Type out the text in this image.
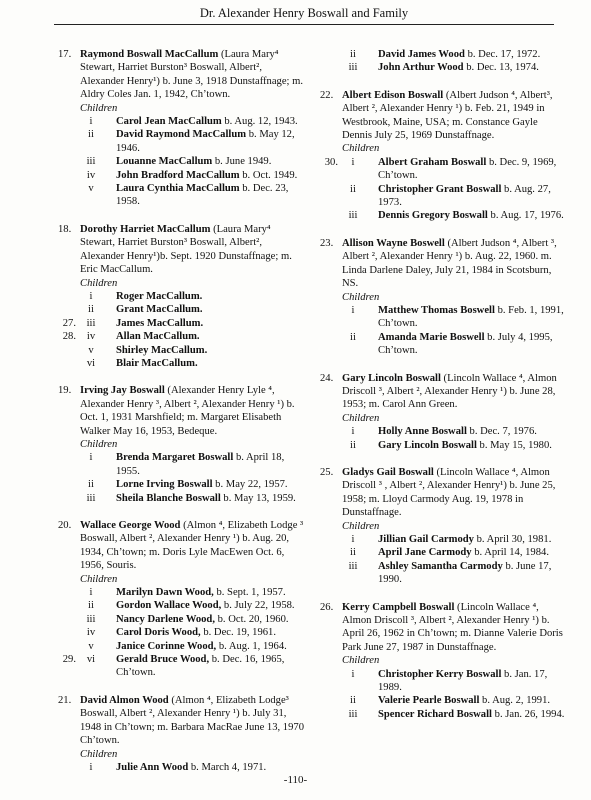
Dr. Alexander Henry Boswall and Family
17. Raymond Boswall MacCallum (Laura Mary⁴ Stewart, Harriet Burston³ Boswall, Albert², Alexander Henry¹) b. June 3, 1918 Dunstaffnage; m. Aldry Coles Jan. 1, 1942, Ch’town.
Children
i	Carol Jean MacCallum b. Aug. 12, 1943.
ii	David Raymond MacCallum b. May 12, 1946.
iii	Louanne MacCallum b. June 1949.
iv	John Bradford MacCallum b. Oct. 1949.
v	Laura Cynthia MacCallum b. Dec. 23, 1958.
18. Dorothy Harriet MacCallum (Laura Mary⁴ Stewart, Harriet Burston³ Boswall, Albert², Alexander Henry¹)b. Sept. 1920 Dunstaffnage; m. Eric MacCallum.
Children
i	Roger MacCallum.
ii	Grant MacCallum.
27. iii	James MacCallum.
28.	iv	Allan MacCallum.
v	Shirley MacCallum.
vi	Blair MacCallum.
19. Irving Jay Boswall (Alexander Henry Lyle ⁴, Alexander Henry ³, Albert ², Alexander Henry ¹) b. Oct. 1, 1931 Marshfield; m. Margaret Elisabeth Walker May 16, 1953, Bedeque.
Children
i	Brenda Margaret Boswall b. April 18, 1955.
ii	Lorne Irving Boswall b. May 22, 1957.
iii	Sheila Blanche Boswall b. May 13, 1959.
20. Wallace George Wood (Almon ⁴, Elizabeth Lodge ³ Boswall, Albert ², Alexander Henry ¹) b. Aug. 20, 1934, Ch’town; m. Doris Lyle MacEwen Oct. 6, 1956, Souris.
Children
i	Marilyn Dawn Wood, b. Sept. 1, 1957.
ii	Gordon Wallace Wood, b. July 22, 1958.
iii	Nancy Darlene Wood, b. Oct. 20, 1960.
iv	Carol Doris Wood, b. Dec. 19, 1961.
v	Janice Corinne Wood, b. Aug. 1, 1964.
29.	vi	Gerald Bruce Wood, b. Dec. 16, 1965, Ch’town.
21. David Almon Wood (Almon ⁴, Elizabeth Lodge³ Boswall, Albert ², Alexander Henry ¹) b. July 31, 1948 in Ch’town; m. Barbara MacRae June 13, 1970 Ch’town.
Children
i	Julie Ann Wood b. March 4, 1971.
ii	David James Wood b. Dec. 17, 1972.
iii	John Arthur Wood b. Dec. 13, 1974.
22. Albert Edison Boswall (Albert Judson ⁴, Albert³, Albert ², Alexander Henry ¹) b. Feb. 21, 1949 in Westbrook, Maine, USA; m. Constance Gayle Dennis July 25, 1969 Dunstaffnage.
Children
30.	i	Albert Graham Boswall b. Dec. 9, 1969, Ch’town.
ii	Christopher Grant Boswall b. Aug. 27, 1973.
iii	Dennis Gregory Boswall b. Aug. 17, 1976.
23. Allison Wayne Boswell (Albert Judson ⁴, Albert ³, Albert ², Alexander Henry ¹) b. Aug. 22, 1960. m. Linda Darlene Daley, July 21, 1984 in Scotsburn, NS.
Children
i	Matthew Thomas Boswell b. Feb. 1, 1991, Ch’town.
ii	Amanda Marie Boswell b. July 4, 1995, Ch’town.
24. Gary Lincoln Boswall (Lincoln Wallace ⁴, Almon Driscoll ³, Albert ², Alexander Henry ¹) b. June 28, 1953; m. Carol Ann Green.
Children
i	Holly Anne Boswall b. Dec. 7, 1976.
ii	Gary Lincoln Boswall b. May 15, 1980.
25. Gladys Gail Boswall (Lincoln Wallace ⁴, Almon Driscoll ³ , Albert ², Alexander Henry¹) b. June 25, 1958; m. Lloyd Carmody Aug. 19, 1978 in Dunstaffnage.
Children
i	Jillian Gail Carmody b. April 30, 1981.
ii	April Jane Carmody b. April 14, 1984.
iii	Ashley Samantha Carmody b. June 17, 1990.
26. Kerry Campbell Boswall (Lincoln Wallace ⁴, Almon Driscoll ³, Albert ², Alexander Henry ¹) b. April 26, 1962 in Ch’town; m. Dianne Valerie Doris Park June 27, 1987 in Dunstaffnage.
Children
i	Christopher Kerry Boswall b. Jan. 17, 1989.
ii	Valerie Pearle Boswall b. Aug. 2, 1991.
iii	Spencer Richard Boswall b. Jan. 26, 1994.
-110-
